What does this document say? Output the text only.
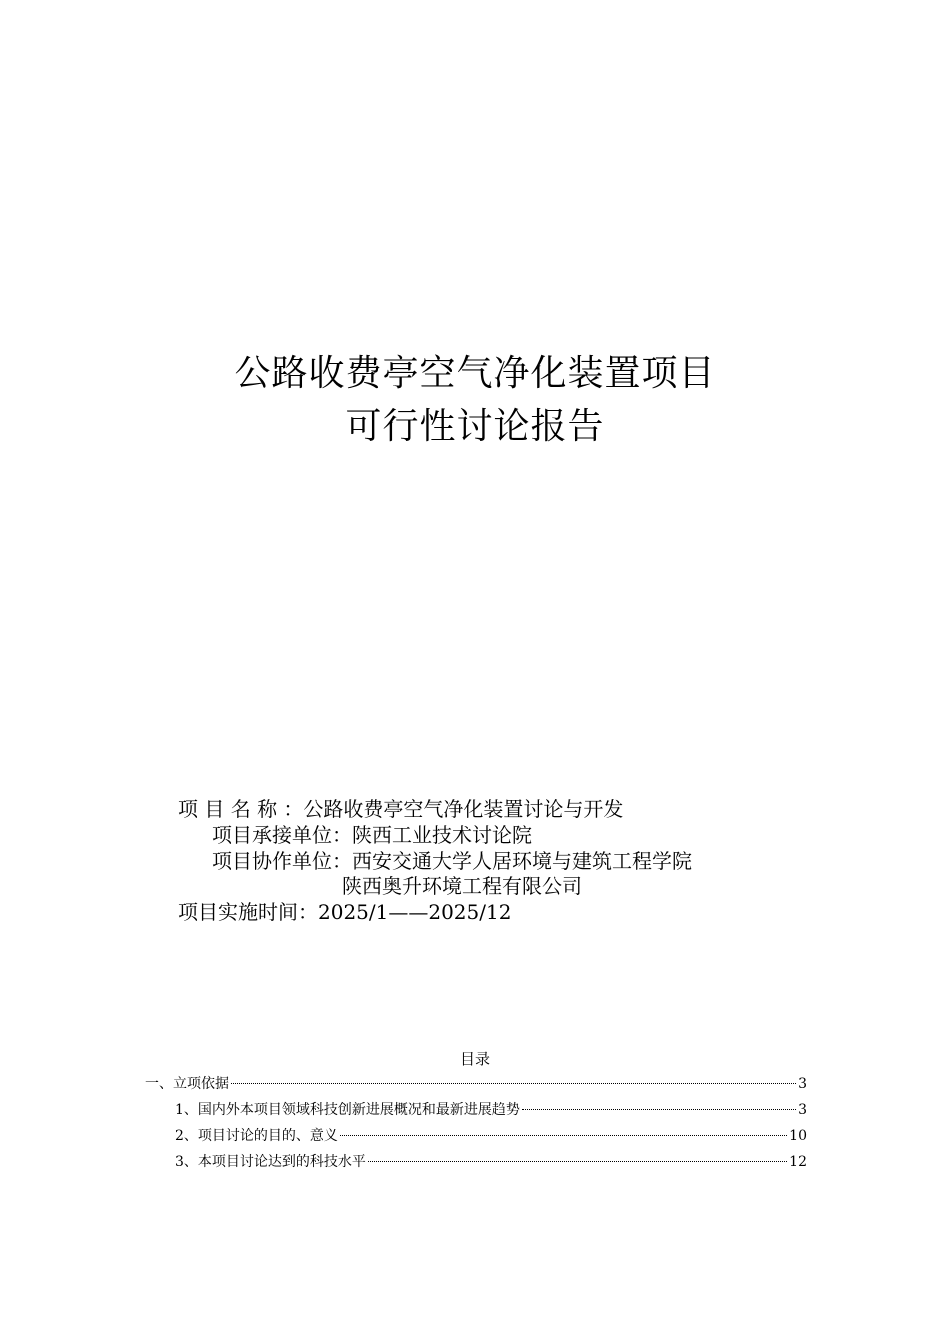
公路收费亭空气净化装置项目
可行性讨论报告
项 目 名 称 ：公路收费亭空气净化装置讨论与开发
项目承接单位：陕西工业技术讨论院
项目协作单位：西安交通大学人居环境与建筑工程学院
陕西奥升环境工程有限公司
项目实施时间：2025/1——2025/12
目录
一、立项依据	3
1、国内外本项目领域科技创新进展概况和最新进展趋势	3
2、项目讨论的目的、意义	10
3、本项目讨论达到的科技水平	12
